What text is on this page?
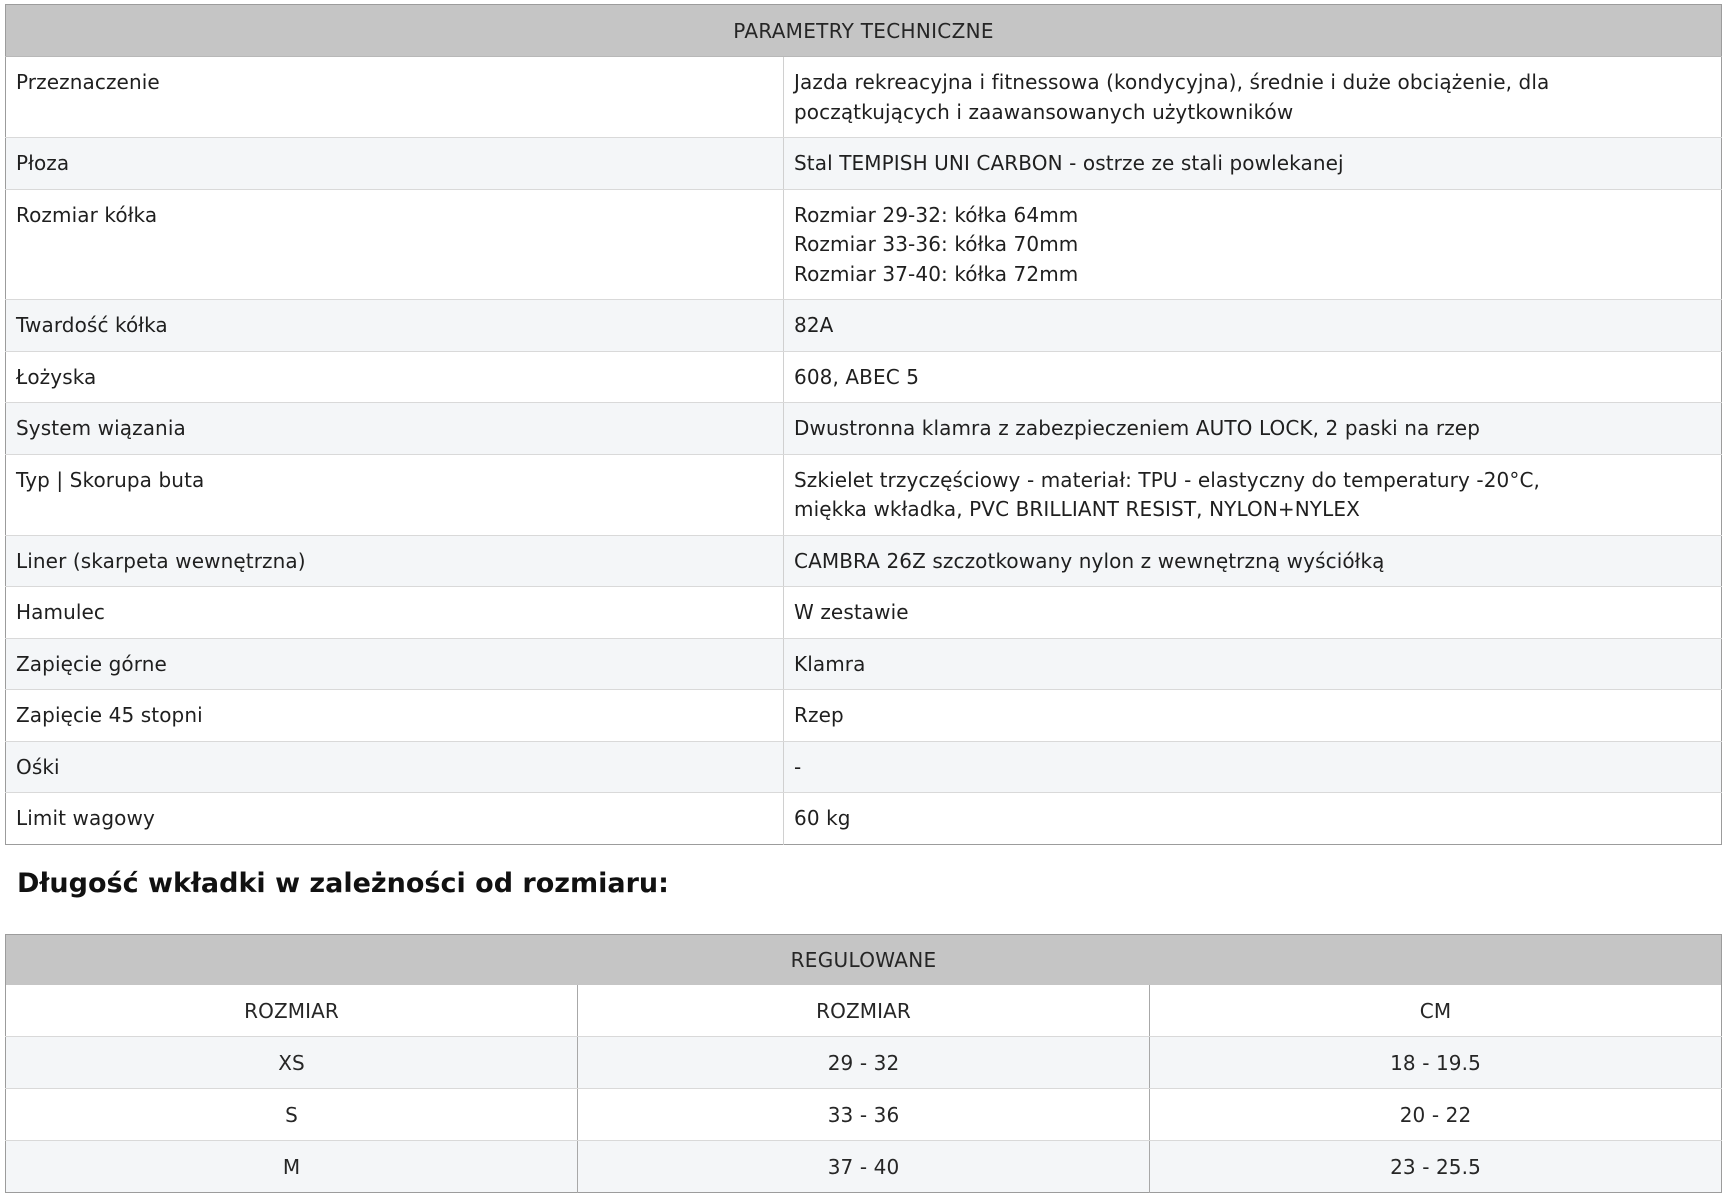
PARAMETRY TECHNICZNE	
Przeznaczenie	Jazda rekreacyjna i fitnessowa (kondycyjna), średnie i duże obciążenie, dla
początkujących i zaawansowanych użytkowników

Płoza	Stal TEMPISH UNI CARBON - ostrze ze stali powlekanej

Rozmiar kółka	Rozmiar 29-32: kółka 64mm
Rozmiar 33-36: kółka 70mm
Rozmiar 37-40: kółka 72mm

Twardość kółka	82A

Łożyska	608, ABEC 5

System wiązania	Dwustronna klamra z zabezpieczeniem AUTO LOCK, 2 paski na rzep

Typ | Skorupa buta	Szkielet trzyczęściowy - materiał: TPU - elastyczny do temperatury -20°C,
miękka wkładka, PVC BRILLIANT RESIST, NYLON+NYLEX

Liner (skarpeta wewnętrzna)	CAMBRA 26Z szczotkowany nylon z wewnętrzną wyściółką

Hamulec	W zestawie

Zapięcie górne	Klamra

Zapięcie 45 stopni	Rzep

Ośki	-

Limit wagowy	60 kg
Długość wkładki w zależności od rozmiaru:
REGULOWANE		
ROZMIAR	ROZMIAR	CM
XS	29 - 32	18 - 19.5
S	33 - 36	20 - 22
M	37 - 40	23 - 25.5
